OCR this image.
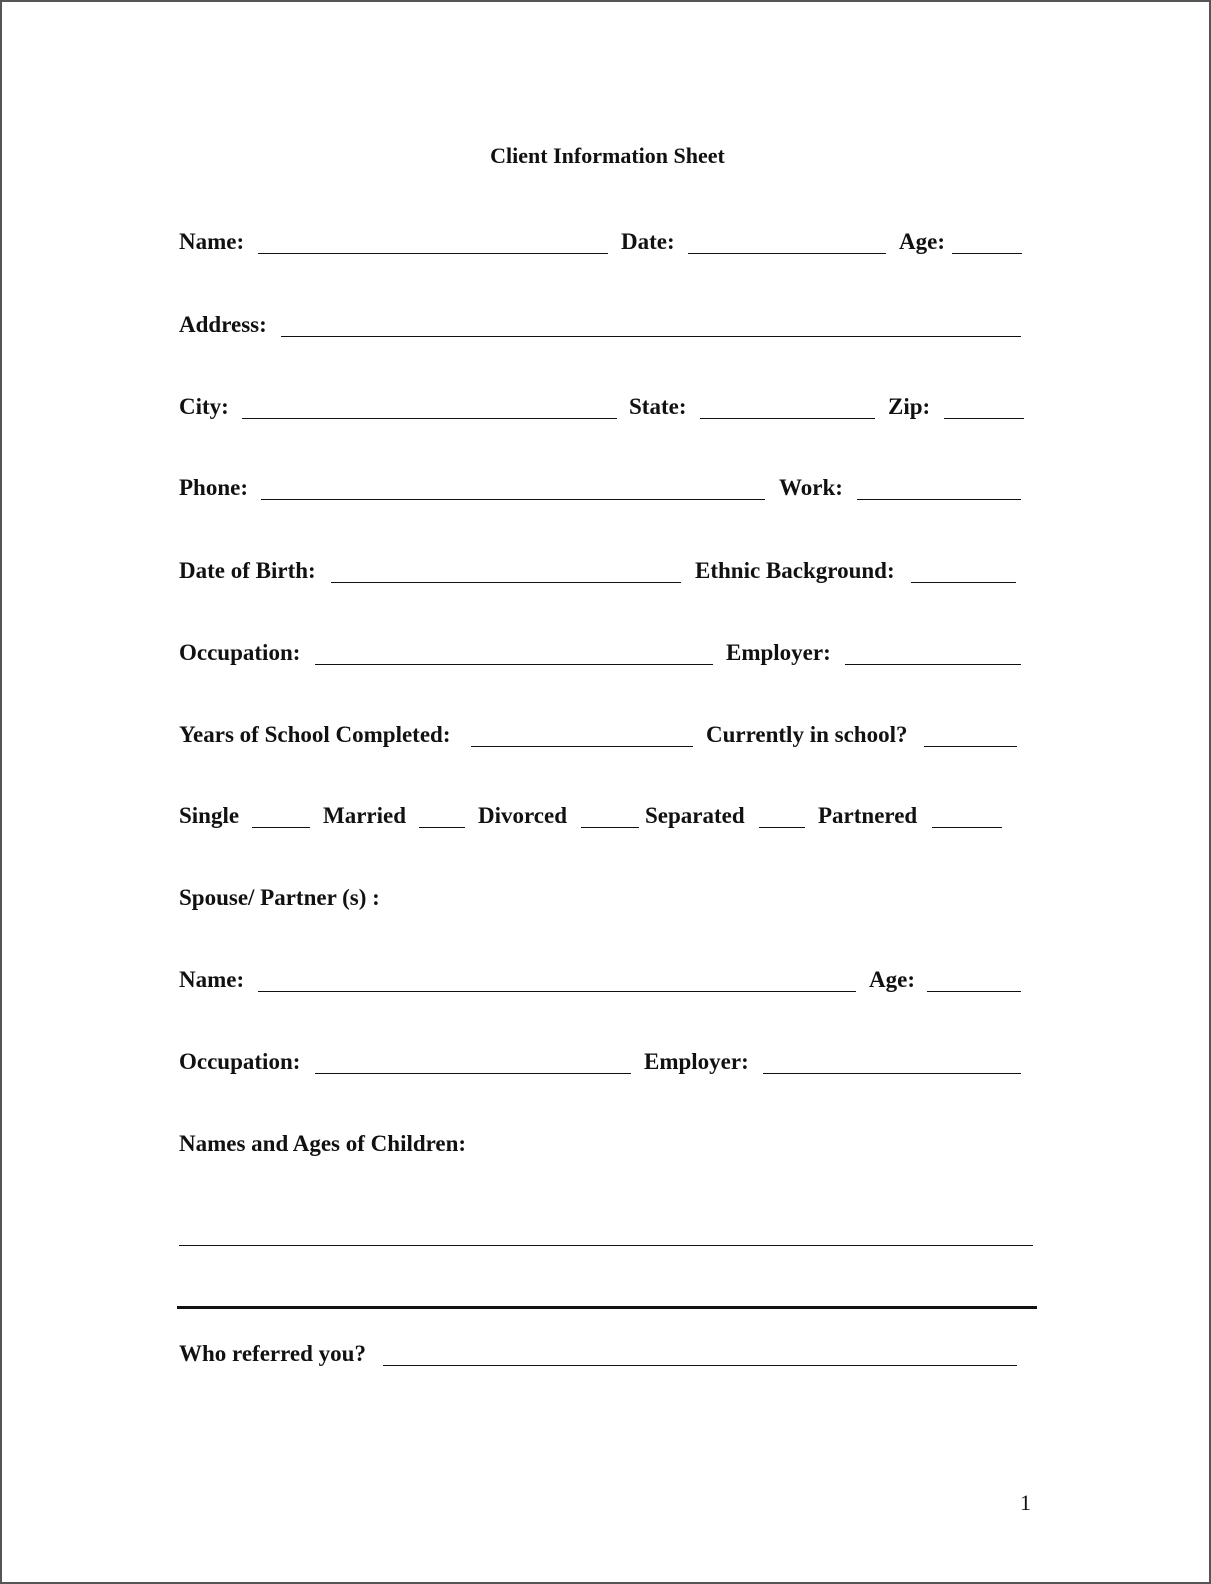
Client Information Sheet
Name:	Date:	Age:
Address:
City:	State:	Zip:
Phone:	Work:
Date of Birth:	Ethnic Background:
Occupation:	Employer:
Years of School Completed:	Currently in school?
Single	Married	Divorced	Separated	Partnered
Spouse/ Partner (s) :
Name:	Age:
Occupation:	Employer:
Names and Ages of Children:
Who referred you?
1
